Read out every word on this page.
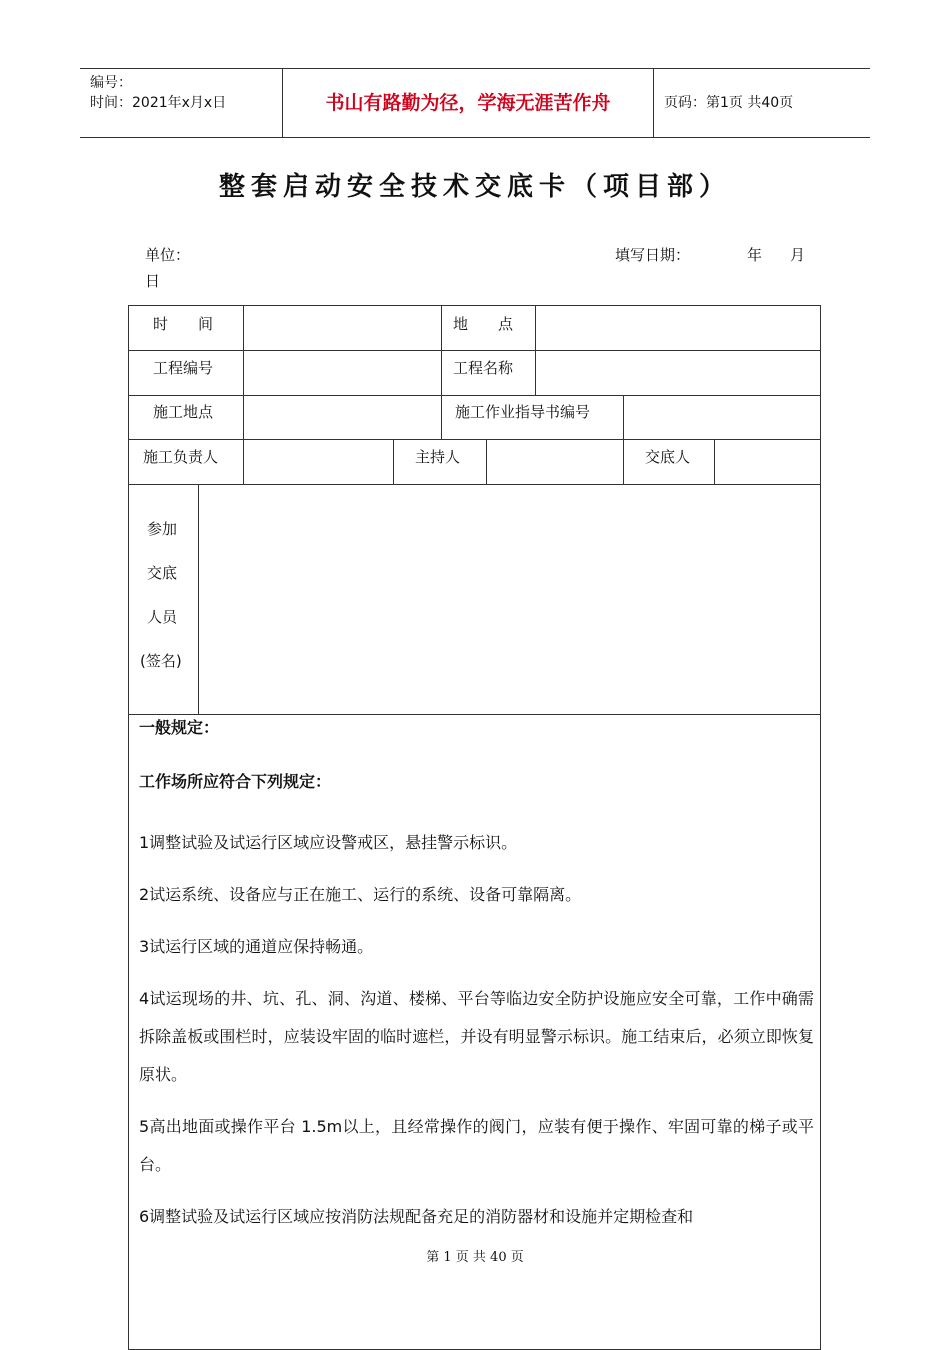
编号：
时间：2021年x月x日	书山有路勤为径，学海无涯苦作舟	页码：第1页 共40页
整套启动安全技术交底卡（项目部）
单位：	填写日期：	年 月
日
时　　间	地　　点
工程编号	工程名称
施工地点	施工作业指导书编号
施工负责人	主持人	交底人
参加
交底
人员
(签名)

一般规定：

工作场所应符合下列规定：

1调整试验及试运行区域应设警戒区，悬挂警示标识。

2试运系统、设备应与正在施工、运行的系统、设备可靠隔离。

3试运行区域的通道应保持畅通。

4试运现场的井、坑、孔、洞、沟道、楼梯、平台等临边安全防护设施应安全可靠，工作中确需拆除盖板或围栏时，应装设牢固的临时遮栏，并设有明显警示标识。施工结束后，必须立即恢复原状。

5高出地面或操作平台 1.5m以上，且经常操作的阀门，应装有便于操作、牢固可靠的梯子或平台。

6调整试验及试运行区域应按消防法规配备充足的消防器材和设施并定期检查和

第 1 页 共 40 页
